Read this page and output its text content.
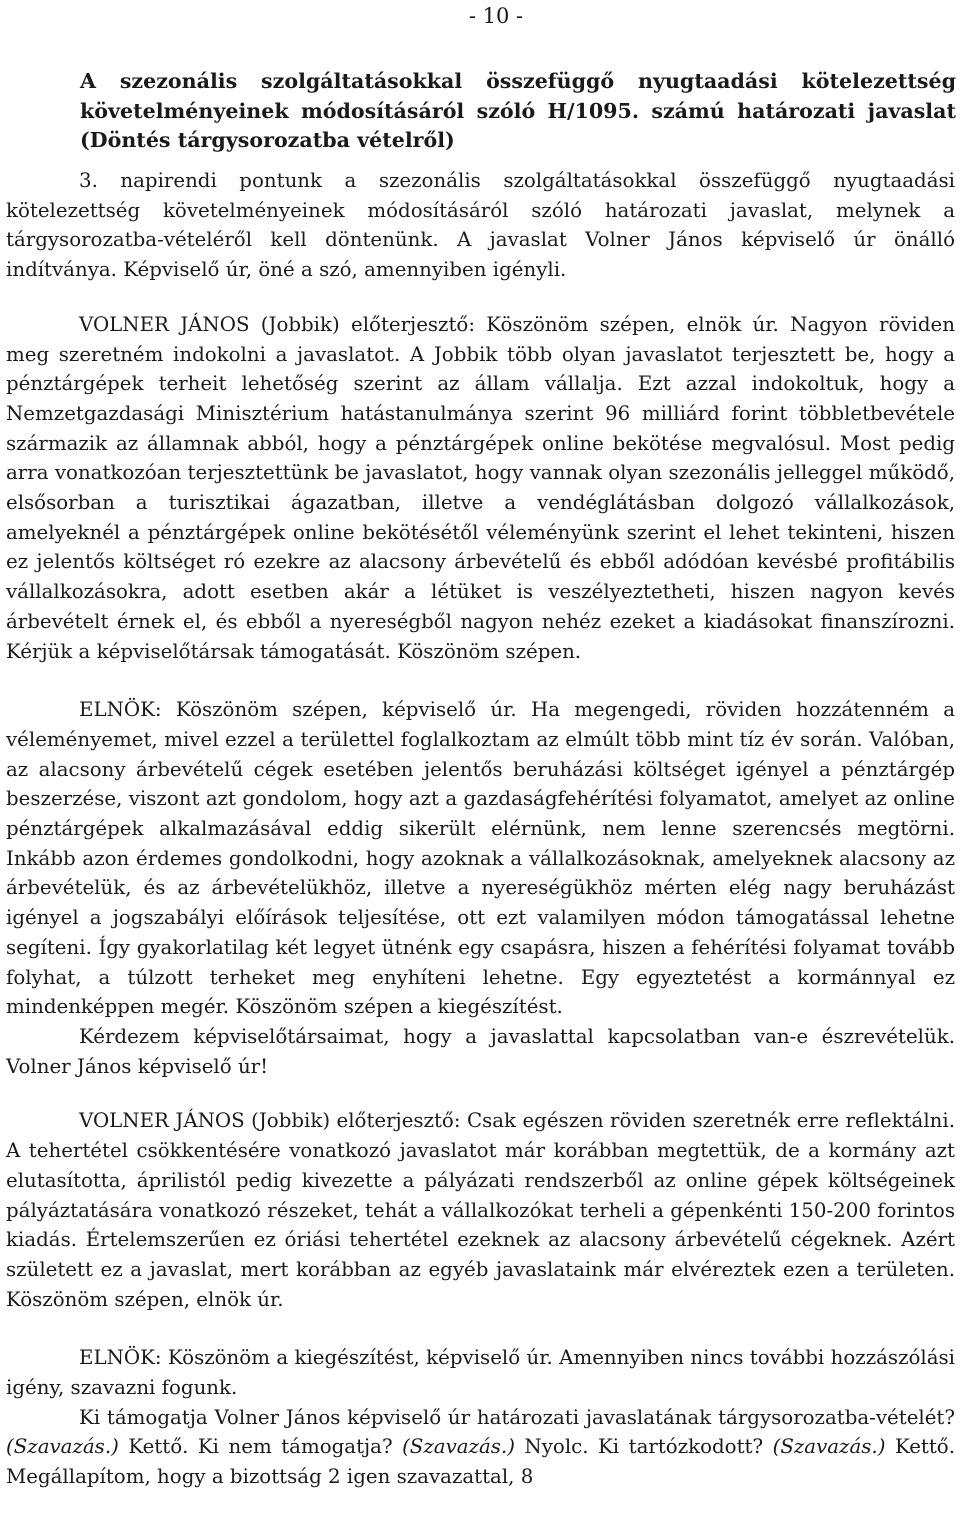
- 10 -
A szezonális szolgáltatásokkal összefüggő nyugtaadási kötelezettség követelményeinek módosításáról szóló H/1095. számú határozati javaslat (Döntés tárgysorozatba vételről)

3. napirendi pontunk a szezonális szolgáltatásokkal összefüggő nyugtaadási kötelezettség követelményeinek módosításáról szóló határozati javaslat, melynek a tárgysorozatba-vételéről kell döntenünk. A javaslat Volner János képviselő úr önálló indítványa. Képviselő úr, öné a szó, amennyiben igényli.

VOLNER JÁNOS (Jobbik) előterjesztő: Köszönöm szépen, elnök úr. Nagyon röviden meg szeretném indokolni a javaslatot. A Jobbik több olyan javaslatot terjesztett be, hogy a pénztárgépek terheit lehetőség szerint az állam vállalja. Ezt azzal indokoltuk, hogy a Nemzetgazdasági Minisztérium hatástanulmánya szerint 96 milliárd forint többletbevétele származik az államnak abból, hogy a pénztárgépek online bekötése megvalósul. Most pedig arra vonatkozóan terjesztettünk be javaslatot, hogy vannak olyan szezonális jelleggel működő, elsősorban a turisztikai ágazatban, illetve a vendéglátásban dolgozó vállalkozások, amelyeknél a pénztárgépek online bekötésétől véleményünk szerint el lehet tekinteni, hiszen ez jelentős költséget ró ezekre az alacsony árbevételű és ebből adódóan kevésbé profitábilis vállalkozásokra, adott esetben akár a létüket is veszélyeztetheti, hiszen nagyon kevés árbevételt érnek el, és ebből a nyereségből nagyon nehéz ezeket a kiadásokat finanszírozni. Kérjük a képviselőtársak támogatását. Köszönöm szépen.

ELNÖK: Köszönöm szépen, képviselő úr. Ha megengedi, röviden hozzátenném a véleményemet, mivel ezzel a területtel foglalkoztam az elmúlt több mint tíz év során. Valóban, az alacsony árbevételű cégek esetében jelentős beruházási költséget igényel a pénztárgép beszerzése, viszont azt gondolom, hogy azt a gazdaságfehérítési folyamatot, amelyet az online pénztárgépek alkalmazásával eddig sikerült elérnünk, nem lenne szerencsés megtörni. Inkább azon érdemes gondolkodni, hogy azoknak a vállalkozásoknak, amelyeknek alacsony az árbevételük, és az árbevételükhöz, illetve a nyereségükhöz mérten elég nagy beruházást igényel a jogszabályi előírások teljesítése, ott ezt valamilyen módon támogatással lehetne segíteni. Így gyakorlatilag két legyet ütnénk egy csapásra, hiszen a fehérítési folyamat tovább folyhat, a túlzott terheket meg enyhíteni lehetne. Egy egyeztetést a kormánnyal ez mindenképpen megér. Köszönöm szépen a kiegészítést.

Kérdezem képviselőtársaimat, hogy a javaslattal kapcsolatban van-e észrevételük. Volner János képviselő úr!

VOLNER JÁNOS (Jobbik) előterjesztő: Csak egészen röviden szeretnék erre reflektálni. A tehertétel csökkentésére vonatkozó javaslatot már korábban megtettük, de a kormány azt elutasította, áprilistól pedig kivezette a pályázati rendszerből az online gépek költségeinek pályáztatására vonatkozó részeket, tehát a vállalkozókat terheli a gépenkénti 150-200 forintos kiadás. Értelemszerűen ez óriási tehertétel ezeknek az alacsony árbevételű cégeknek. Azért született ez a javaslat, mert korábban az egyéb javaslataink már elvéreztek ezen a területen. Köszönöm szépen, elnök úr.

ELNÖK: Köszönöm a kiegészítést, képviselő úr. Amennyiben nincs további hozzászólási igény, szavazni fogunk.

Ki támogatja Volner János képviselő úr határozati javaslatának tárgysorozatba-vételét? (Szavazás.) Kettő. Ki nem támogatja? (Szavazás.) Nyolc. Ki tartózkodott? (Szavazás.) Kettő. Megállapítom, hogy a bizottság 2 igen szavazattal, 8
